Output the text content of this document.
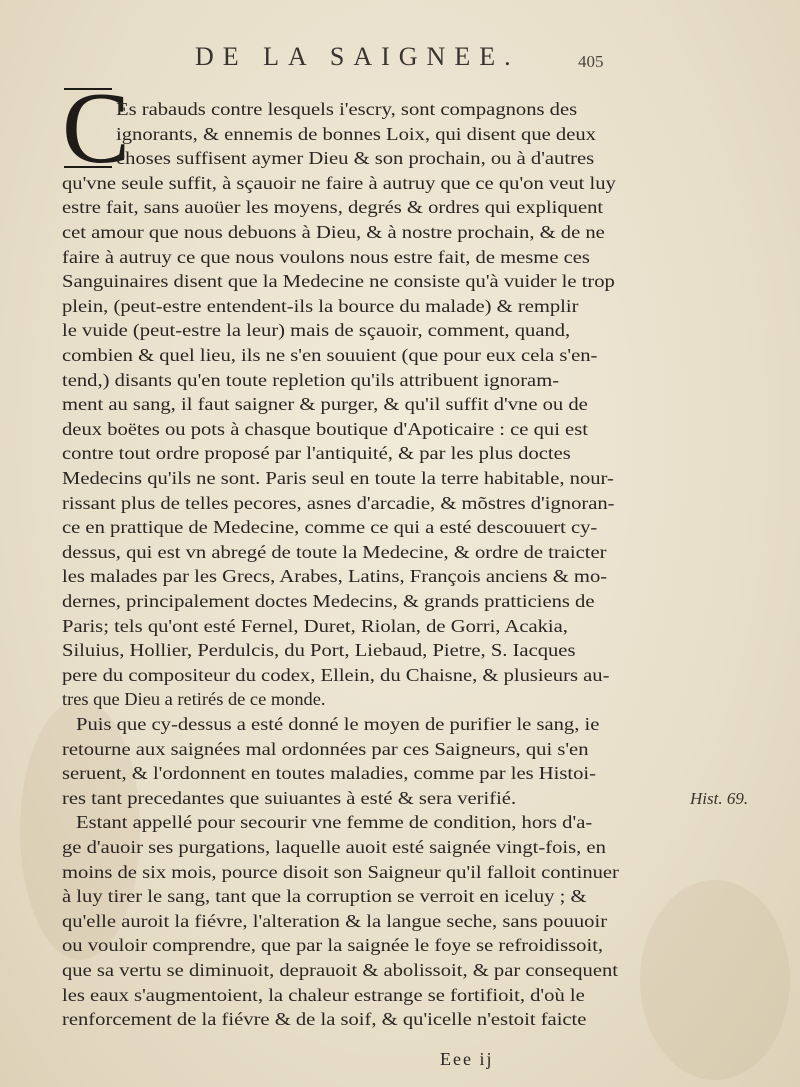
DE LA SAIGNEE.	405
C
Es rabauds contre lesquels i'escry, sont compagnons des
ignorants, & ennemis de bonnes Loix, qui disent que deux
choses suffisent aymer Dieu & son prochain, ou à d'autres
qu'vne seule suffit, à sçauoir ne faire à autruy que ce qu'on veut luy
estre fait, sans auoüer les moyens, degrés & ordres qui expliquent
cet amour que nous debuons à Dieu, & à nostre prochain, & de ne
faire à autruy ce que nous voulons nous estre fait, de mesme ces
Sanguinaires disent que la Medecine ne consiste qu'à vuider le trop
plein, (peut-estre entendent-ils la bource du malade) & remplir
le vuide (peut-estre la leur) mais de sçauoir, comment, quand,
combien & quel lieu, ils ne s'en souuient (que pour eux cela s'en-
tend,) disants qu'en toute repletion qu'ils attribuent ignoram-
ment au sang, il faut saigner & purger, & qu'il suffit d'vne ou de
deux boëtes ou pots à chasque boutique d'Apoticaire : ce qui est
contre tout ordre proposé par l'antiquité, & par les plus doctes
Medecins qu'ils ne sont. Paris seul en toute la terre habitable, nour-
rissant plus de telles pecores, asnes d'arcadie, & mõstres d'ignoran-
ce en prattique de Medecine, comme ce qui a esté descouuert cy-
dessus, qui est vn abregé de toute la Medecine, & ordre de traicter
les malades par les Grecs, Arabes, Latins, François anciens & mo-
dernes, principalement doctes Medecins, & grands pratticiens de
Paris; tels qu'ont esté Fernel, Duret, Riolan, de Gorri, Acakia,
Siluius, Hollier, Perdulcis, du Port, Liebaud, Pietre, S. Iacques
pere du compositeur du codex, Ellein, du Chaisne, & plusieurs au-
tres que Dieu a retirés de ce monde.
Puis que cy-dessus a esté donné le moyen de purifier le sang, ie
retourne aux saignées mal ordonnées par ces Saigneurs, qui s'en
seruent, & l'ordonnent en toutes maladies, comme par les Histoi-
res tant precedantes que suiuantes à esté & sera verifié.
Estant appellé pour secourir vne femme de condition, hors d'a-
ge d'auoir ses purgations, laquelle auoit esté saignée vingt-fois, en
moins de six mois, pource disoit son Saigneur qu'il falloit continuer
à luy tirer le sang, tant que la corruption se verroit en iceluy ; &
qu'elle auroit la fiévre, l'alteration & la langue seche, sans pouuoir
ou vouloir comprendre, que par la saignée le foye se refroidissoit,
que sa vertu se diminuoit, deprauoit & abolissoit, & par consequent
les eaux s'augmentoient, la chaleur estrange se fortifioit, d'où le
renforcement de la fiévre & de la soif, & qu'icelle n'estoit faicte
Hist. 69.
Eee ij
